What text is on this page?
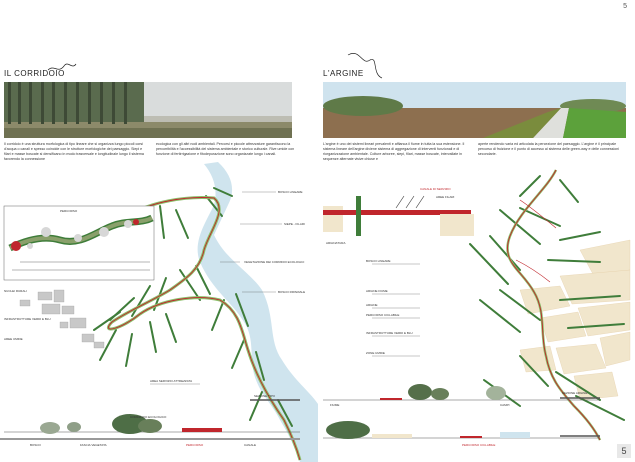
5
IL CORRIDOIO

Il corridoio è una struttura morfologica di tipo lineare che si organizza lungo piccoli corsi d'acqua o canali e spesso coincide con le strutture morfologiche dei paesaggio. Siepi e filari e masse boscate si densificano in modo trasversale e longitudinale lungo il sistema favorendo la connessione

ecologica con gli altri nodi ambientali. Percorsi e piccole attrezzature garantiscono la percorribilità e l'accessibilità del sistema ambientale e storico culturale. Rive umide con funzione di fertirrigazione e fitodepurazione sono organizzate lungo i canali.

L'ARGINE

L'argine è uno dei sistemi lineari prevalenti e affianca il fiume in tutta la sua estensione. Il sistema lineare dell'argine diviene sistema di aggregazione di interventi funzionali e di riorganizzazione ambientale. Colture arboree, siepi, filari, masse boscate, intervallate in sequenze alternate visive chiuse e

aperte rendendo varia ed articolata la percezione del paesaggio. L'argine è il principale percorso di fruizione e il punto di accesso al sistema delle green-way e delle connessioni secondarie.

BOSCO LINEARE
SIEPE - FILARI
BOSCO RIPARIALE
VEGETAZIONE DEI CORRIDOI ECOLOGICI
NUCLEI RURALI
INFRASTRUTTURE VERDI E BLU
AREE UMIDE
AREA SERVIZIO ATTREZZATA
CORRIDOIO ECOLOGICO
SEZIONE TIPO
BOSCO	FASCIA VEGETATA	PERCORSO	CANALE
PERCORSO
BOSCO LINEARE
ARGINE FIUME
ARGINE
PERCORSO CICLABILE
INFRASTRUTTURE VERDI E BLU
ZONE UMIDE
CANALE DI SERVIZIO
AREE FILARI
ARGINATURA
FIUME
SEZIONE ARGINE
CAMPI
PERCORSO CICLABILE
5
